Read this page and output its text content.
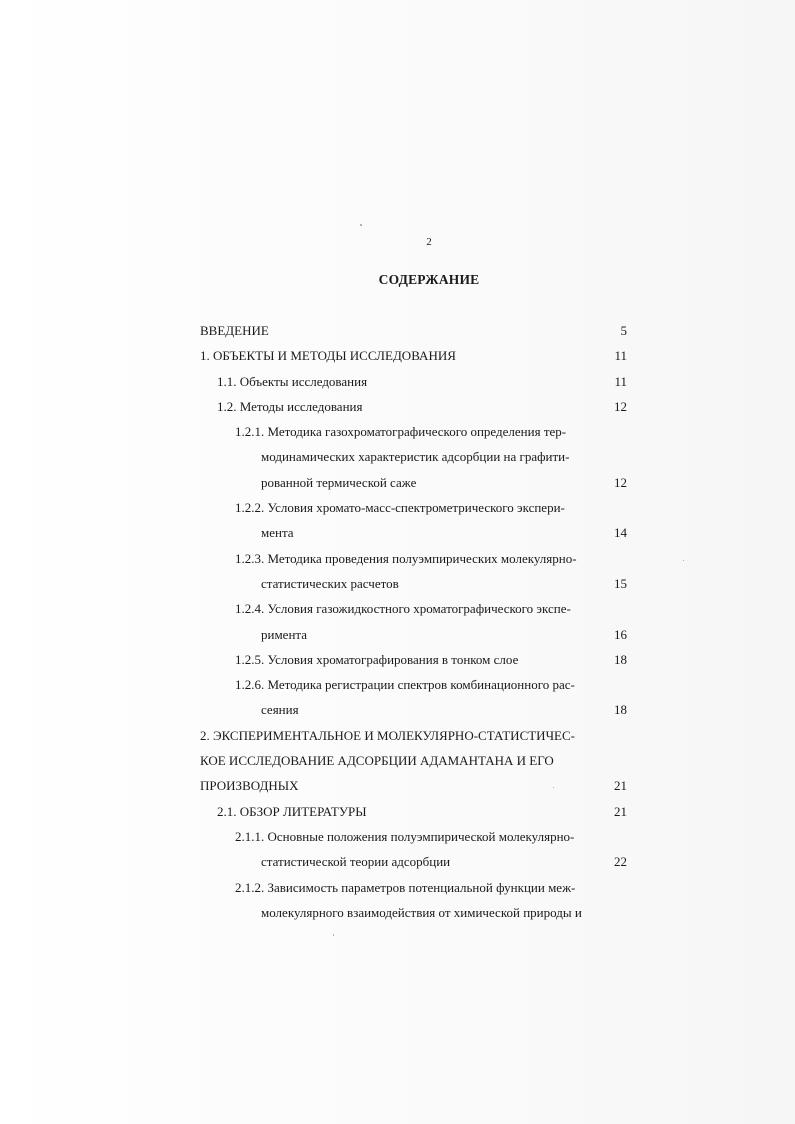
2
СОДЕРЖАНИЕ
ВВЕДЕНИЕ	5
1. ОБЪЕКТЫ И МЕТОДЫ ИССЛЕДОВАНИЯ	11
1.1. Объекты исследования	11
1.2. Методы исследования	12
1.2.1. Методика газохроматографического определения тер-
модинамических характеристик адсорбции на графити-
рованной термической саже	12
1.2.2. Условия хромато-масс-спектрометрического экспери-
мента	14
1.2.3. Методика проведения полуэмпирических молекулярно-
статистических расчетов	15
1.2.4. Условия газожидкостного хроматографического экспе-
римента	16
1.2.5. Условия хроматографирования в тонком слое	18
1.2.6. Методика регистрации спектров комбинационного рас-
сеяния	18
2. ЭКСПЕРИМЕНТАЛЬНОЕ И МОЛЕКУЛЯРНО-СТАТИСТИЧЕС-
КОЕ ИССЛЕДОВАНИЕ АДСОРБЦИИ АДАМАНТАНА И ЕГО
ПРОИЗВОДНЫХ	21
2.1. ОБЗОР ЛИТЕРАТУРЫ	21
2.1.1. Основные положения полуэмпирической молекулярно-
статистической теории адсорбции	22
2.1.2. Зависимость параметров потенциальной функции меж-
молекулярного взаимодействия от химической природы и
